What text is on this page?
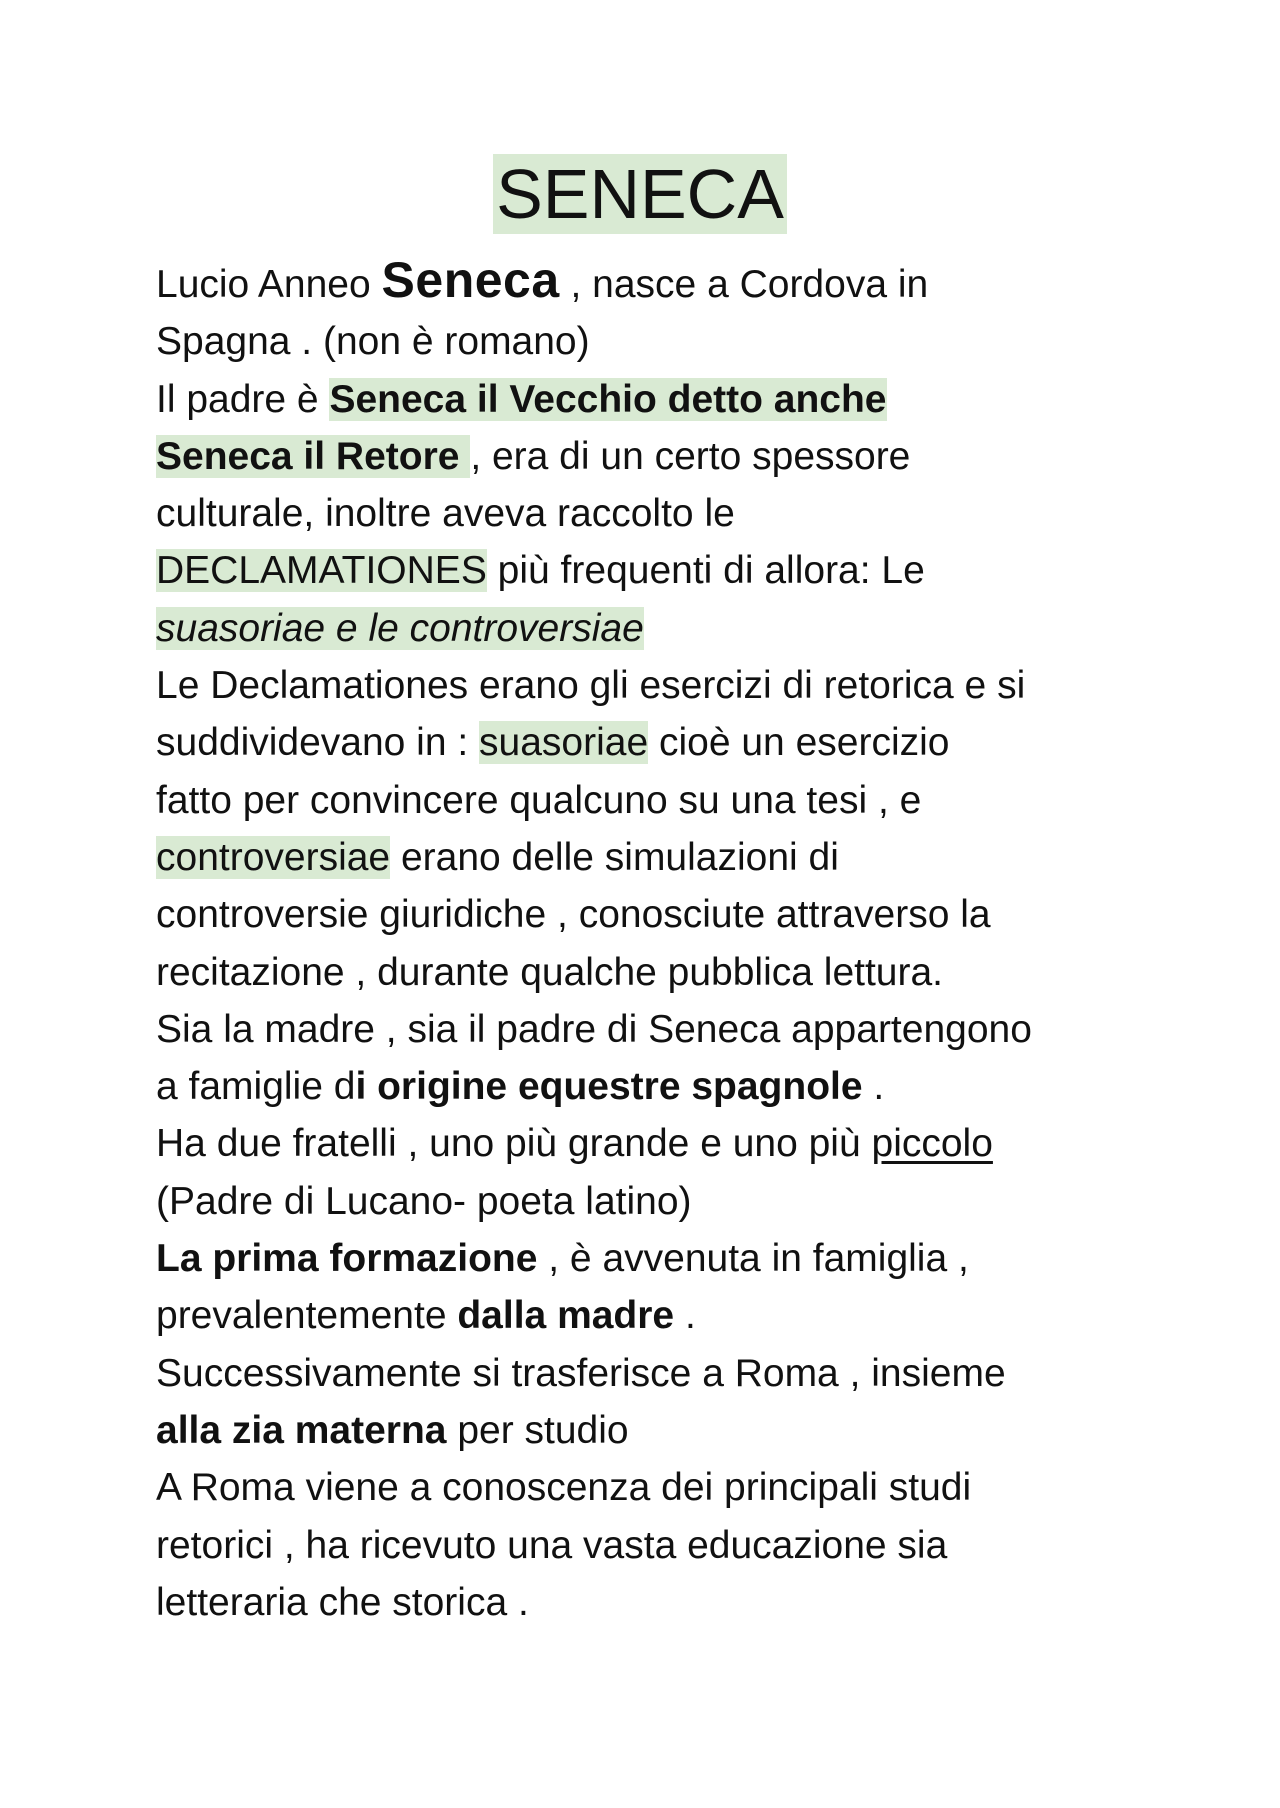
SENECA
Lucio Anneo Seneca , nasce a Cordova in
Spagna . (non è romano)
Il padre è Seneca il Vecchio detto anche
Seneca il Retore , era di un certo spessore
culturale, inoltre aveva raccolto le
DECLAMATIONES più frequenti di allora: Le
suasoriae e le controversiae
Le Declamationes erano gli esercizi di retorica e si
suddividevano in : suasoriae cioè un esercizio
fatto per convincere qualcuno su una tesi , e
controversiae erano delle simulazioni di
controversie giuridiche , conosciute attraverso la
recitazione , durante qualche pubblica lettura.
Sia la madre , sia il padre di Seneca appartengono
a famiglie di origine equestre spagnole .
Ha due fratelli , uno più grande e uno più piccolo
(Padre di Lucano- poeta latino)
La prima formazione , è avvenuta in famiglia ,
prevalentemente dalla madre .
Successivamente si trasferisce a Roma , insieme
alla zia materna per studio
A Roma viene a conoscenza dei principali studi
retorici , ha ricevuto una vasta educazione sia
letteraria che storica .
